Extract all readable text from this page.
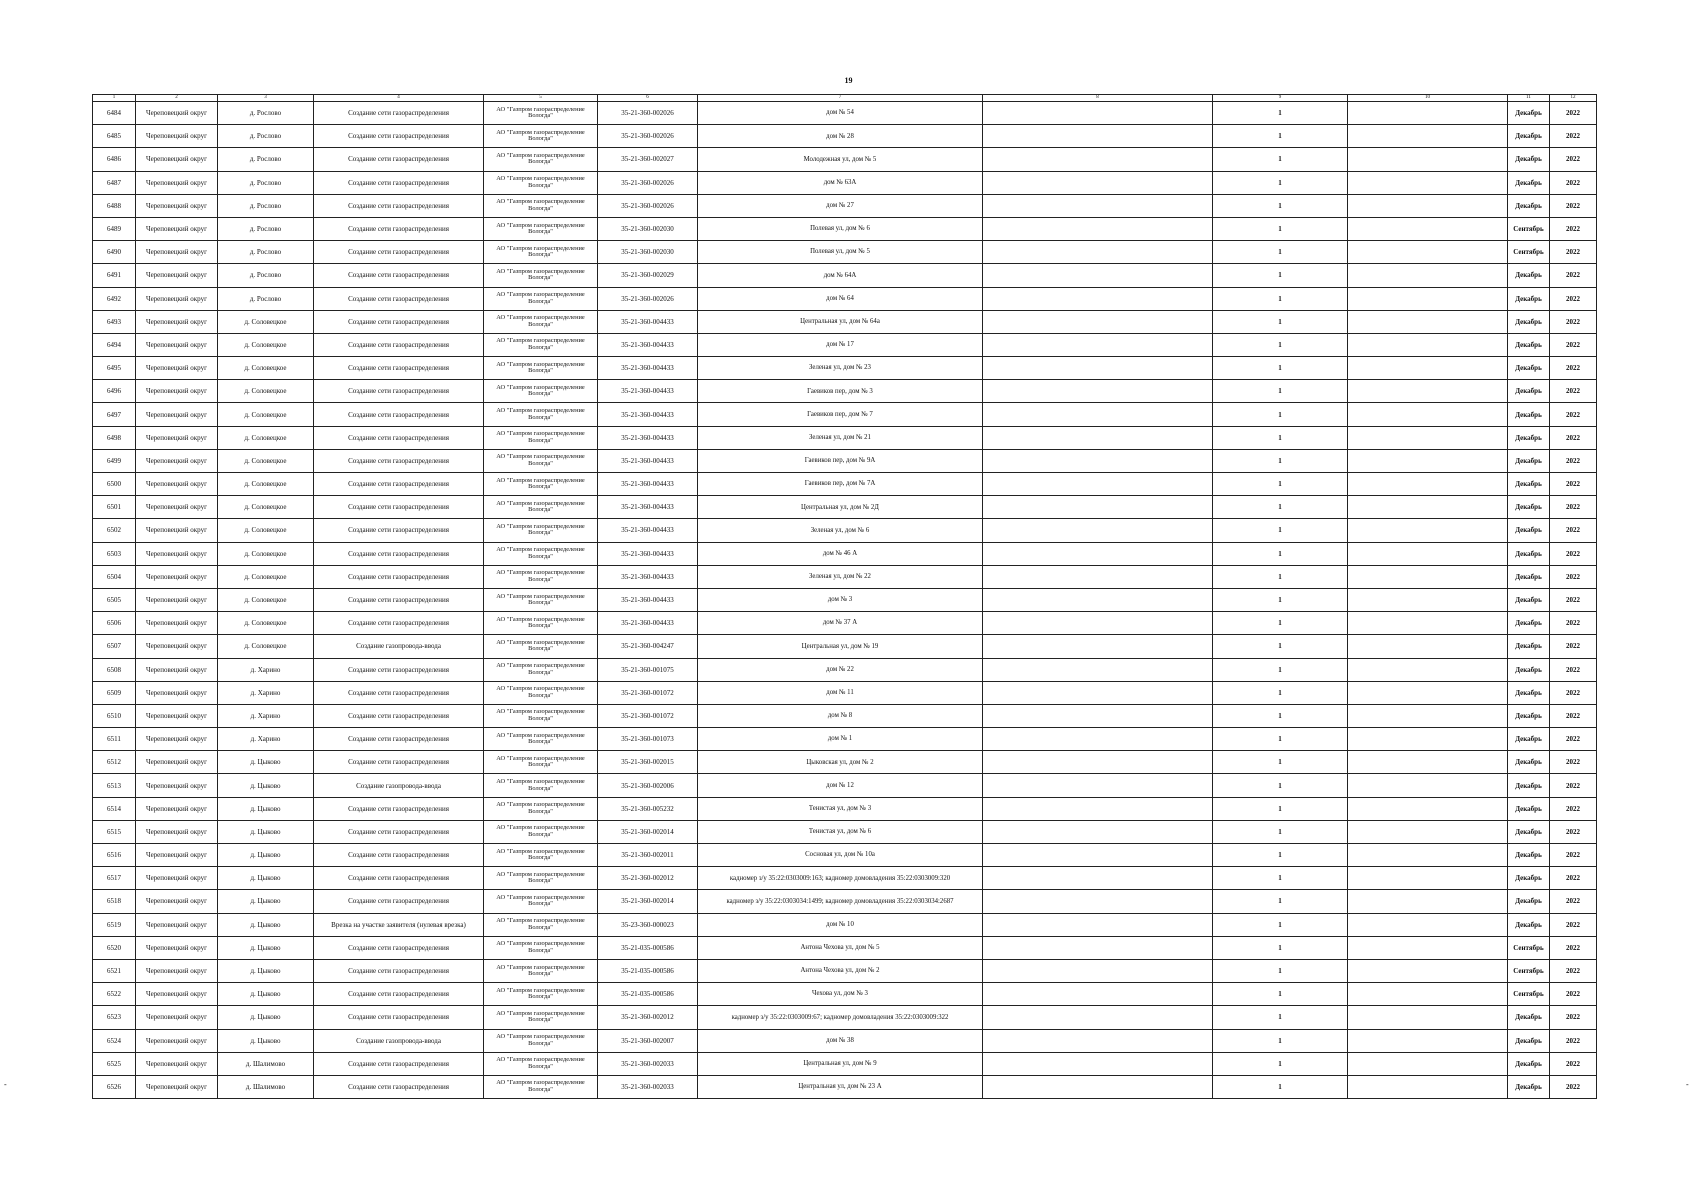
19
1	2	3	4	5	6	7	8	9	10	11	12
6484	Череповецкий округ	д. Рослово	Создание сети газораспределения	АО "Газпром газораспределение Вологда"	35-21-360-002026	дом № 54		1		Декабрь	2022
6485	Череповецкий округ	д. Рослово	Создание сети газораспределения	АО "Газпром газораспределение Вологда"	35-21-360-002026	дом № 28		1		Декабрь	2022
6486	Череповецкий округ	д. Рослово	Создание сети газораспределения	АО "Газпром газораспределение Вологда"	35-21-360-002027	Молодежная ул, дом № 5		1		Декабрь	2022
6487	Череповецкий округ	д. Рослово	Создание сети газораспределения	АО "Газпром газораспределение Вологда"	35-21-360-002026	дом № 63А		1		Декабрь	2022
6488	Череповецкий округ	д. Рослово	Создание сети газораспределения	АО "Газпром газораспределение Вологда"	35-21-360-002026	дом № 27		1		Декабрь	2022
6489	Череповецкий округ	д. Рослово	Создание сети газораспределения	АО "Газпром газораспределение Вологда"	35-21-360-002030	Полевая ул, дом № 6		1		Сентябрь	2022
6490	Череповецкий округ	д. Рослово	Создание сети газораспределения	АО "Газпром газораспределение Вологда"	35-21-360-002030	Полевая ул, дом № 5		1		Сентябрь	2022
6491	Череповецкий округ	д. Рослово	Создание сети газораспределения	АО "Газпром газораспределение Вологда"	35-21-360-002029	дом № 64А		1		Декабрь	2022
6492	Череповецкий округ	д. Рослово	Создание сети газораспределения	АО "Газпром газораспределение Вологда"	35-21-360-002026	дом № 64		1		Декабрь	2022
6493	Череповецкий округ	д. Соловецкое	Создание сети газораспределения	АО "Газпром газораспределение Вологда"	35-21-360-004433	Центральная ул, дом № 64а		1		Декабрь	2022
6494	Череповецкий округ	д. Соловецкое	Создание сети газораспределения	АО "Газпром газораспределение Вологда"	35-21-360-004433	дом № 17		1		Декабрь	2022
6495	Череповецкий округ	д. Соловецкое	Создание сети газораспределения	АО "Газпром газораспределение Вологда"	35-21-360-004433	Зеленая ул, дом № 23		1		Декабрь	2022
6496	Череповецкий округ	д. Соловецкое	Создание сети газораспределения	АО "Газпром газораспределение Вологда"	35-21-360-004433	Гаевиков пер, дом № 3		1		Декабрь	2022
6497	Череповецкий округ	д. Соловецкое	Создание сети газораспределения	АО "Газпром газораспределение Вологда"	35-21-360-004433	Гаевиков пер, дом № 7		1		Декабрь	2022
6498	Череповецкий округ	д. Соловецкое	Создание сети газораспределения	АО "Газпром газораспределение Вологда"	35-21-360-004433	Зеленая ул, дом № 21		1		Декабрь	2022
6499	Череповецкий округ	д. Соловецкое	Создание сети газораспределения	АО "Газпром газораспределение Вологда"	35-21-360-004433	Гаевиков пер, дом № 9А		1		Декабрь	2022
6500	Череповецкий округ	д. Соловецкое	Создание сети газораспределения	АО "Газпром газораспределение Вологда"	35-21-360-004433	Гаевиков пер, дом № 7А		1		Декабрь	2022
6501	Череповецкий округ	д. Соловецкое	Создание сети газораспределения	АО "Газпром газораспределение Вологда"	35-21-360-004433	Центральная ул, дом № 2Д		1		Декабрь	2022
6502	Череповецкий округ	д. Соловецкое	Создание сети газораспределения	АО "Газпром газораспределение Вологда"	35-21-360-004433	Зеленая ул, дом № 6		1		Декабрь	2022
6503	Череповецкий округ	д. Соловецкое	Создание сети газораспределения	АО "Газпром газораспределение Вологда"	35-21-360-004433	дом № 46 А		1		Декабрь	2022
6504	Череповецкий округ	д. Соловецкое	Создание сети газораспределения	АО "Газпром газораспределение Вологда"	35-21-360-004433	Зеленая ул, дом № 22		1		Декабрь	2022
6505	Череповецкий округ	д. Соловецкое	Создание сети газораспределения	АО "Газпром газораспределение Вологда"	35-21-360-004433	дом № 3		1		Декабрь	2022
6506	Череповецкий округ	д. Соловецкое	Создание сети газораспределения	АО "Газпром газораспределение Вологда"	35-21-360-004433	дом № 37 А		1		Декабрь	2022
6507	Череповецкий округ	д. Соловецкое	Создание газопровода-ввода	АО "Газпром газораспределение Вологда"	35-21-360-004247	Центральная ул, дом № 19		1		Декабрь	2022
6508	Череповецкий округ	д. Харино	Создание сети газораспределения	АО "Газпром газораспределение Вологда"	35-21-360-001075	дом № 22		1		Декабрь	2022
6509	Череповецкий округ	д. Харино	Создание сети газораспределения	АО "Газпром газораспределение Вологда"	35-21-360-001072	дом № 11		1		Декабрь	2022
6510	Череповецкий округ	д. Харино	Создание сети газораспределения	АО "Газпром газораспределение Вологда"	35-21-360-001072	дом № 8		1		Декабрь	2022
6511	Череповецкий округ	д. Харино	Создание сети газораспределения	АО "Газпром газораспределение Вологда"	35-21-360-001073	дом № 1		1		Декабрь	2022
6512	Череповецкий округ	д. Цыково	Создание сети газораспределения	АО "Газпром газораспределение Вологда"	35-21-360-002015	Цыковская ул, дом № 2		1		Декабрь	2022
6513	Череповецкий округ	д. Цыково	Создание газопровода-ввода	АО "Газпром газораспределение Вологда"	35-21-360-002006	дом № 12		1		Декабрь	2022
6514	Череповецкий округ	д. Цыково	Создание сети газораспределения	АО "Газпром газораспределение Вологда"	35-21-360-005232	Тенистая ул, дом № 3		1		Декабрь	2022
6515	Череповецкий округ	д. Цыково	Создание сети газораспределения	АО "Газпром газораспределение Вологда"	35-21-360-002014	Тенистая ул, дом № 6		1		Декабрь	2022
6516	Череповецкий округ	д. Цыково	Создание сети газораспределения	АО "Газпром газораспределение Вологда"	35-21-360-002011	Сосновая ул, дом № 10а		1		Декабрь	2022
6517	Череповецкий округ	д. Цыково	Создание сети газораспределения	АО "Газпром газораспределение Вологда"	35-21-360-002012	кадномер з/у 35:22:0303009:163; кадномер домовладения 35:22:0303009:320		1		Декабрь	2022
6518	Череповецкий округ	д. Цыково	Создание сети газораспределения	АО "Газпром газораспределение Вологда"	35-21-360-002014	кадномер з/у 35:22:0303034:1499; кадномер домовладения 35:22:0303034:2687		1		Декабрь	2022
6519	Череповецкий округ	д. Цыково	Врезка на участке заявителя (нулевая врезка)	АО "Газпром газораспределение Вологда"	35-23-360-000023	дом № 10		1		Декабрь	2022
6520	Череповецкий округ	д. Цыково	Создание сети газораспределения	АО "Газпром газораспределение Вологда"	35-21-035-000586	Антона Чехова ул, дом № 5		1		Сентябрь	2022
6521	Череповецкий округ	д. Цыково	Создание сети газораспределения	АО "Газпром газораспределение Вологда"	35-21-035-000586	Антона Чехова ул, дом № 2		1		Сентябрь	2022
6522	Череповецкий округ	д. Цыково	Создание сети газораспределения	АО "Газпром газораспределение Вологда"	35-21-035-000586	Чехова ул, дом № 3		1		Сентябрь	2022
6523	Череповецкий округ	д. Цыково	Создание сети газораспределения	АО "Газпром газораспределение Вологда"	35-21-360-002012	кадномер з/у 35:22:0303009:67; кадномер домовладения 35:22:0303009:322		1		Декабрь	2022
6524	Череповецкий округ	д. Цыково	Создание газопровода-ввода	АО "Газпром газораспределение Вологда"	35-21-360-002007	дом № 38		1		Декабрь	2022
6525	Череповецкий округ	д. Шалимово	Создание сети газораспределения	АО "Газпром газораспределение Вологда"	35-21-360-002033	Центральная ул, дом № 9		1		Декабрь	2022
6526	Череповецкий округ	д. Шалимово	Создание сети газораспределения	АО "Газпром газораспределение Вологда"	35-21-360-002033	Центральная ул, дом № 23 А		1		Декабрь	2022
-	-
